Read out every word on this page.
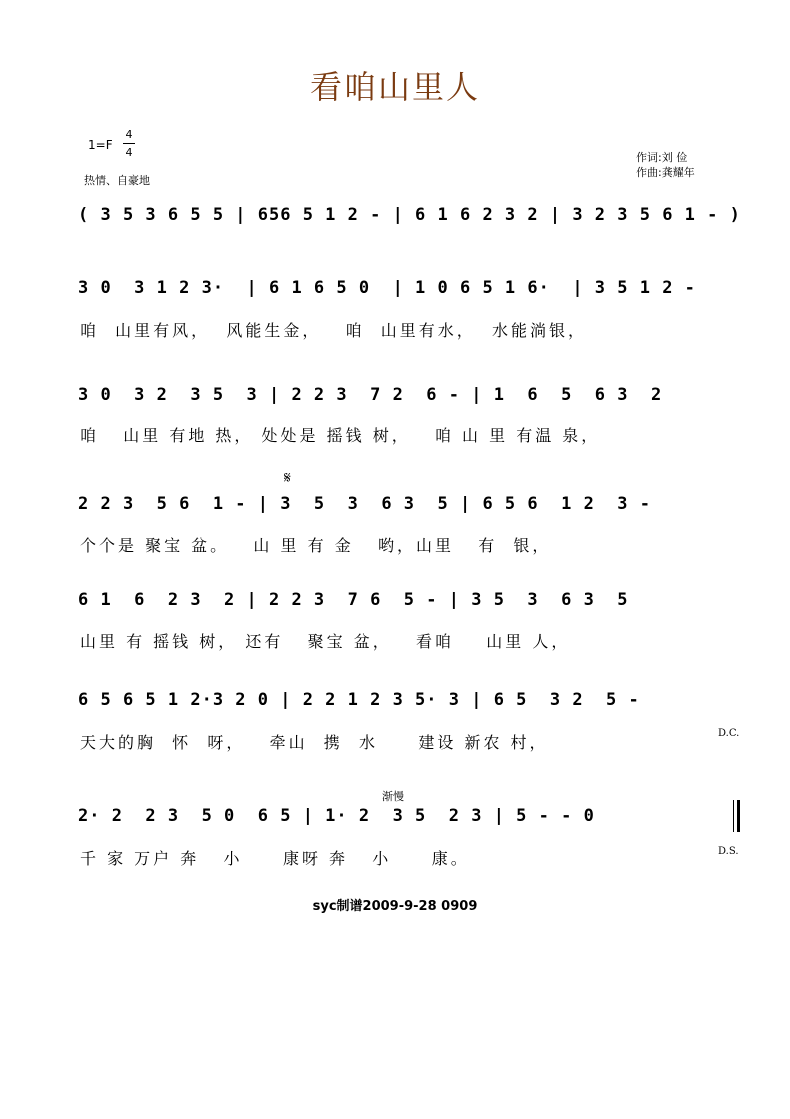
看咱山里人
1=F
4
4
热情、自豪地
作词:刘 俭
作曲:龚耀年
( 3 5 3 6 5 5 | 656 5 1 2 - | 6 1 6 2 3 2 | 3 2 3 5 6 1 - )
3 0  3 1 2 3·  | 6 1 6 5 0  | 1 0 6 5 1 6·  | 3 5 1 2 -
咱  山里有风，  风能生金，   咱  山里有水，  水能淌银，
3 0  3 2  3 5  3 | 2 2 3  7 2  6 - | 1  6  5  6 3  2
咱   山里 有地 热， 处处是 摇钱 树，   咱 山 里 有温 泉，
𝄋
2 2 3  5 6  1 - | 3  5  3  6 3  5 | 6 5 6  1 2  3 -
个个是 聚宝 盆。   山 里 有 金   哟，山里   有  银，
6 1  6  2 3  2 | 2 2 3  7 6  5 - | 3 5  3  6 3  5
山里 有 摇钱 树， 还有   聚宝 盆，   看咱    山里 人，
6 5 6 5 1 2·3 2 0 | 2 2 1 2 3 5· 3 | 6 5  3 2  5 -
天大的胸  怀  呀，   牵山  携  水     建设 新农 村，	D.C.
渐慢
2· 2  2 3  5 0  6 5 | 1· 2  3 5  2 3 | 5 - - 0
千 家 万户 奔   小     康呀 奔   小     康。	D.S.
syc制谱2009-9-28 0909
